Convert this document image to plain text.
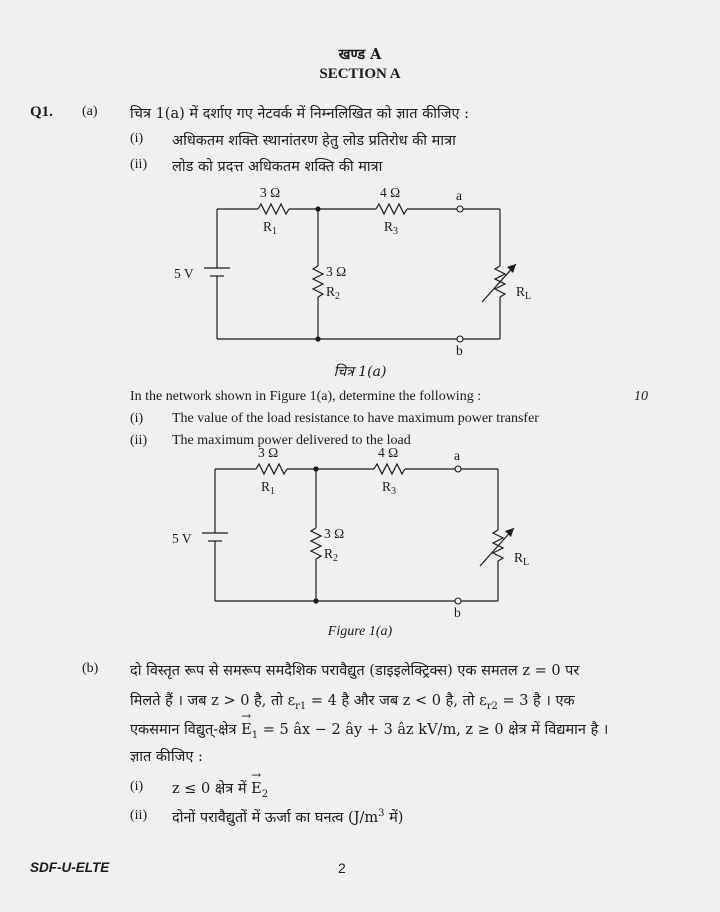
खण्ड A
SECTION A
Q1. (a) चित्र 1(a) में दर्शाए गए नेटवर्क में निम्नलिखित को ज्ञात कीजिए :
(i) अधिकतम शक्ति स्थानांतरण हेतु लोड प्रतिरोध की मात्रा
(ii) लोड को प्रदत्त अधिकतम शक्ति की मात्रा
3 Ω
$R_1$
4 Ω
$R_3$
a
b
5 V	3 Ω
$R_2$	$R_L$
चित्र 1(a)
In the network shown in Figure 1(a), determine the following :	10
(i) The value of the load resistance to have maximum power transfer
(ii) The maximum power delivered to the load
3 Ω
$R_1$
4 Ω
$R_3$
a
b
5 V	3 Ω
$R_2$	$R_L$
Figure 1(a)
(b) दो विस्तृत रूप से समरूप समदैशिक परावैद्युत (डाइइलेक्ट्रिक्स) एक समतल z = 0 पर
मिलते हैं । जब z > 0 है, तो $\varepsilon_{r1} = 4$ है और जब z < 0 है, तो $\varepsilon_{r2} = 3$ है । एक
एकसमान विद्युत्-क्षेत्र → $E_1 = 5$ âx − 2 ây + 3 âz kV/m, z ≥ 0 क्षेत्र में विद्यमान है ।
ज्ञात कीजिए :
(i) z ≤ 0 क्षेत्र में → $E_2$
(ii) दोनों परावैद्युतों में ऊर्जा का घनत्व ($J/m^3$ में)
SDF-U-ELTE	2
